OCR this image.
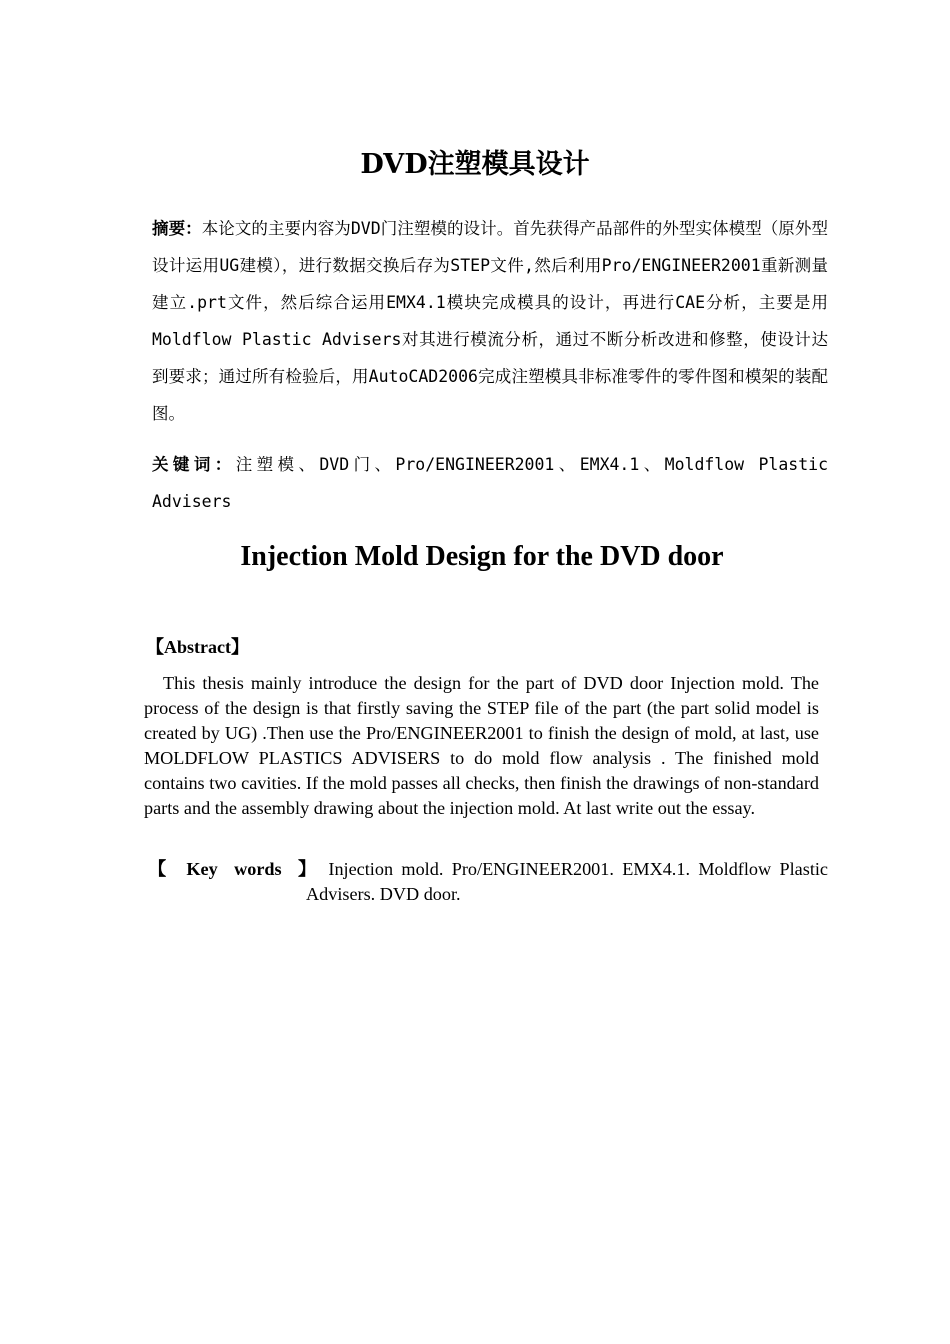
DVD注塑模具设计
摘要：本论文的主要内容为DVD门注塑模的设计。首先获得产品部件的外型实体模型（原外型设计运用UG建模），进行数据交换后存为STEP文件,然后利用Pro/ENGINEER2001重新测量建立.prt文件，然后综合运用EMX4.1模块完成模具的设计，再进行CAE分析，主要是用Moldflow Plastic Advisers对其进行模流分析，通过不断分析改进和修整，使设计达到要求；通过所有检验后，用AutoCAD2006完成注塑模具非标准零件的零件图和模架的装配图。
关键词：注塑模、DVD门、Pro/ENGINEER2001、EMX4.1、Moldflow Plastic Advisers
Injection Mold Design for the DVD door
【Abstract】
This thesis mainly introduce the design for the part of DVD door Injection mold. The process of the design is that firstly saving the STEP file of the part (the part solid model is created by UG) .Then use the Pro/ENGINEER2001 to finish the design of mold, at last, use MOLDFLOW PLASTICS ADVISERS to do mold flow analysis . The finished mold contains two cavities. If the mold passes all checks, then finish the drawings of non-standard parts and the assembly drawing about the injection mold. At last write out the essay.
【 Key words 】 Injection mold. Pro/ENGINEER2001. EMX4.1. Moldflow Plastic Advisers. DVD door.
